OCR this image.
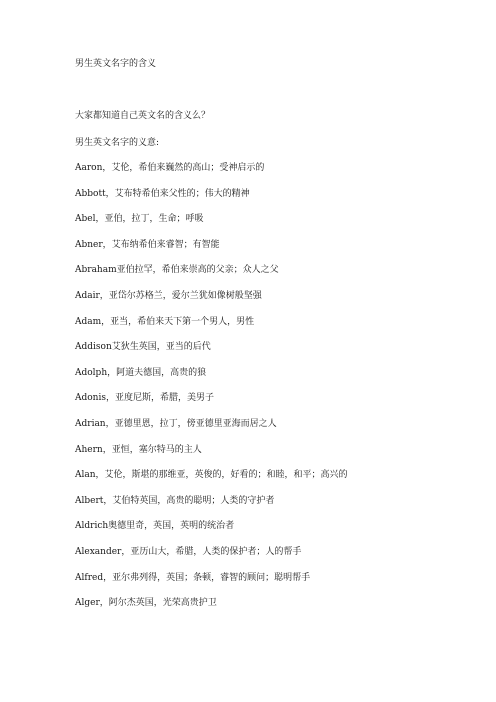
男生英文名字的含义
大家都知道自己英文名的含义么？
男生英文名字的义意:
Aaron，艾伦，希伯来巍然的高山；受神启示的
Abbott，艾布特希伯来父性的；伟大的精神
Abel，亚伯，拉丁，生命；呼吸
Abner，艾布纳希伯来睿智；有智能
Abraham亚伯拉罕，希伯来崇高的父亲；众人之父
Adair，亚岱尔苏格兰，爱尔兰犹如像树般坚强
Adam，亚当，希伯来天下第一个男人，男性
Addison艾狄生英国，亚当的后代
Adolph，阿道夫德国，高贵的狼
Adonis，亚度尼斯，希腊，美男子
Adrian，亚德里恩，拉丁，傍亚德里亚海而居之人
Ahern，亚恒，塞尔特马的主人
Alan，艾伦，斯堪的那维亚，英俊的，好看的；和睦，和平；高兴的
Albert，艾伯特英国，高贵的聪明；人类的守护者
Aldrich奥德里奇，英国，英明的统治者
Alexander，亚历山大，希腊，人类的保护者；人的帮手
Alfred，亚尔弗列得，英国；条顿，睿智的顾问；聪明帮手
Alger，阿尔杰英国，光荣高贵护卫
